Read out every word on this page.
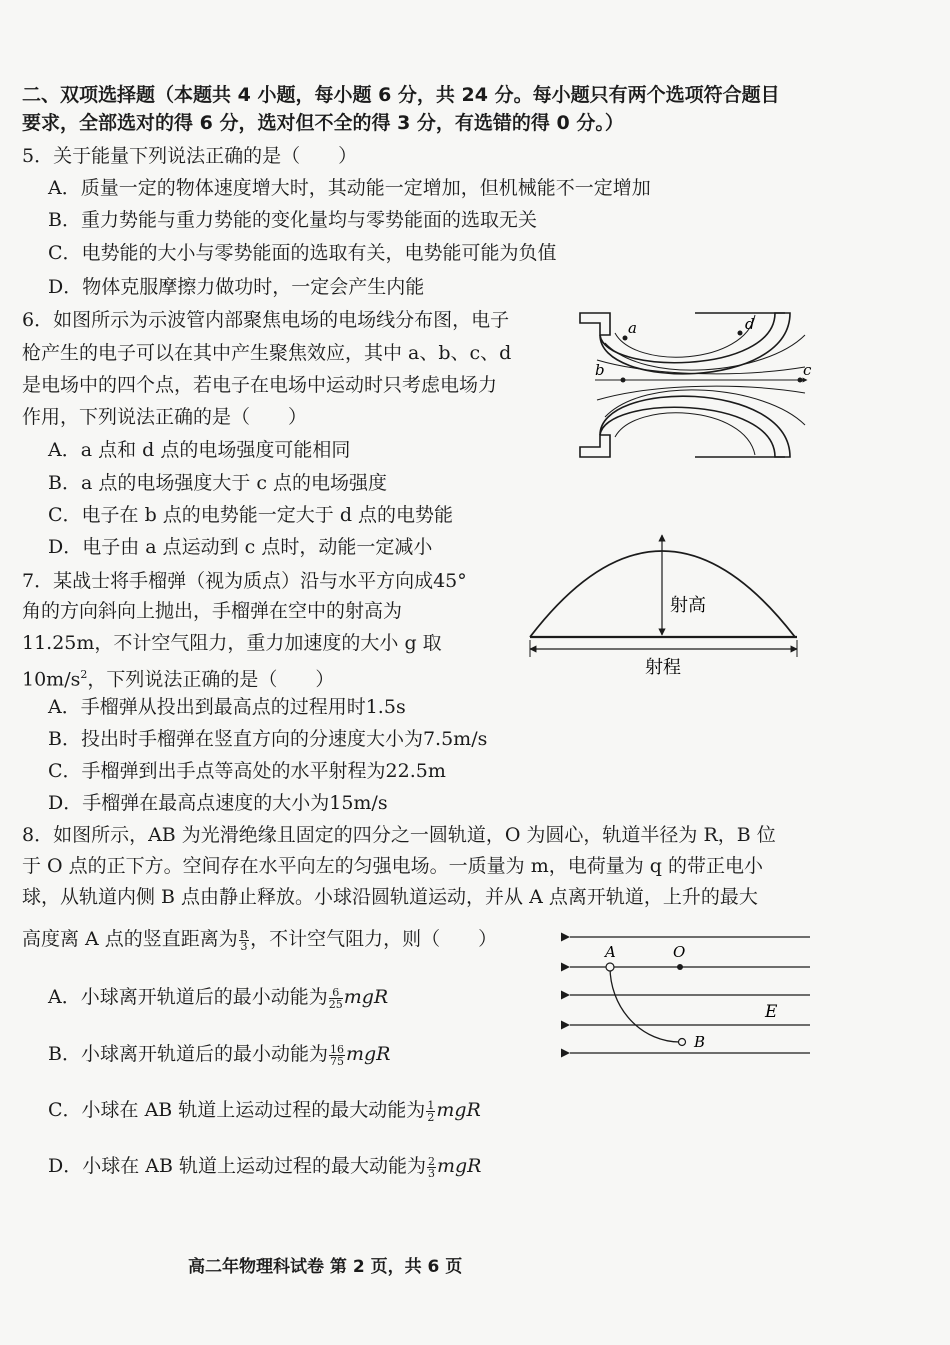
二、双项选择题（本题共 4 小题，每小题 6 分，共 24 分。每小题只有两个选项符合题目
要求，全部选对的得 6 分，选对但不全的得 3 分，有选错的得 0 分。）
5．关于能量下列说法正确的是（　　）
A．质量一定的物体速度增大时，其动能一定增加，但机械能不一定增加
B．重力势能与重力势能的变化量均与零势能面的选取无关
C．电势能的大小与零势能面的选取有关，电势能可能为负值
D．物体克服摩擦力做功时，一定会产生内能
6．如图所示为示波管内部聚焦电场的电场线分布图，电子
枪产生的电子可以在其中产生聚焦效应，其中 a、b、c、d
是电场中的四个点，若电子在电场中运动时只考虑电场力
作用，下列说法正确的是（　　）
A．a 点和 d 点的电场强度可能相同
B．a 点的电场强度大于 c 点的电场强度
C．电子在 b 点的电势能一定大于 d 点的电势能
D．电子由 a 点运动到 c 点时，动能一定减小
a
b	c
d
7．某战士将手榴弹（视为质点）沿与水平方向成45°
角的方向斜向上抛出，手榴弹在空中的射高为
11.25m，不计空气阻力，重力加速度的大小 g 取
$10m/s^2$，下列说法正确的是（　　）
A．手榴弹从投出到最高点的过程用时1.5s
B．投出时手榴弹在竖直方向的分速度大小为7.5m/s
C．手榴弹到出手点等高处的水平射程为22.5m
D．手榴弹在最高点速度的大小为15m/s
射高
射程
8．如图所示，AB 为光滑绝缘且固定的四分之一圆轨道，O 为圆心，轨道半径为 R，B 位
于 O 点的正下方。空间存在水平向左的匀强电场。一质量为 m，电荷量为 q 的带正电小
球，从轨道内侧 B 点由静止释放。小球沿圆轨道运动，并从 A 点离开轨道，上升的最大
高度离 A 点的竖直距离为 $\frac{R}{3}$ ，不计空气阻力，则（　　）
A．小球离开轨道后的最小动能为 $\frac{6}{25}$ mgR
B．小球离开轨道后的最小动能为 $\frac{16}{75}$ mgR
C．小球在 AB 轨道上运动过程的最大动能为 $\frac{1}{2}$ mgR
D．小球在 AB 轨道上运动过程的最大动能为 $\frac{2}{3}$ mgR
A	O
E
B
高二年物理科试卷 第 2 页，共 6 页
